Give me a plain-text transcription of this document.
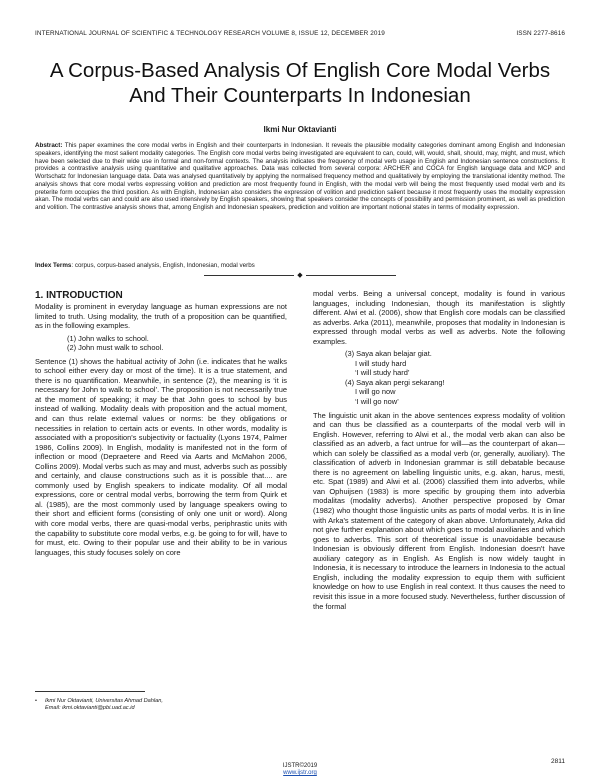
INTERNATIONAL JOURNAL OF SCIENTIFIC & TECHNOLOGY RESEARCH VOLUME 8, ISSUE 12, DECEMBER 2019	ISSN 2277-8616
A Corpus-Based Analysis Of English Core Modal Verbs And Their Counterparts In Indonesian
Ikmi Nur Oktavianti

Abstract: This paper examines the core modal verbs in English and their counterparts in Indonesian. It reveals the plausible modality categories dominant among English and Indonesian speakers, identifying the most salient modality categories. The English core modal verbs being investigated are equivalent to can, could, will, would, shall, should, may, might, and must, which have been selected due to their wide use in formal and non-formal contexts. The analysis indicates the frequency of modal verb usage in English and Indonesian sentence constructions. It provides a contrastive analysis using quantitative and qualitative approaches. Data was collected from several corpora: ARCHER and COCA for English language data and MCP and Wortschatz for Indonesian language data. Data was analysed quantitatively by applying the normalised frequency method and qualitatively by employing the translational identity method. The analysis shows that core modal verbs expressing volition and prediction are most frequently found in English, with the modal verb will being the most frequently used modal verb and its preterite form occupies the third position. As with English, Indonesian also considers the expression of volition and prediction salient because it most frequently uses the modality expression akan. The modal verbs can and could are also used intensively by English speakers, showing that speakers consider the concepts of possibility and permission prominent, as well as prediction and volition. The contrastive analysis shows that, among English and Indonesian speakers, prediction and volition are important notional states in terms of modality expression.

Index Terms: corpus, corpus-based analysis, English, Indonesian, modal verbs

◆
1. INTRODUCTION

Modality is prominent in everyday language as human expressions are not limited to truth. Using modality, the truth of a proposition can be quantified, as in the following examples.

(1) John walks to school.
(2) John must walk to school.

Sentence (1) shows the habitual activity of John (i.e. indicates that he walks to school either every day or most of the time). It is a true statement, and there is no quantification. Meanwhile, in sentence (2), the meaning is ‘it is necessary for John to walk to school’. The proposition is not necessarily true at the moment of speaking; it may be that John goes to school by bus instead of walking. Modality deals with proposition and the actual moment, and can thus relate external values or norms: be they obligations or necessities in relation to certain acts or events. In other words, modality is associated with a proposition's subjectivity or factuality (Lyons 1974, Palmer 1986, Collins 2009). In English, modality is manifested not in the form of inflection or mood (Depraetere and Reed via Aarts and McMahon 2006, Collins 2009). Modal verbs such as may and must, adverbs such as possibly and certainly, and clause constructions such as it is possible that.... are commonly used by English speakers to indicate modality. Of all modal expressions, core or central modal verbs, borrowing the term from Quirk et al. (1985), are the most commonly used by language speakers owing to their short and efficient forms (consisting of only one unit or word). Along with core modal verbs, there are quasi-modal verbs, periphrastic units with the capability to substitute core modal verbs, e.g. be going to for will, have to for must, etc. Owing to their popular use and their ability to be in various languages, this study focuses solely on core

modal verbs. Being a universal concept, modality is found in various languages, including Indonesian, though its manifestation is slightly different. Alwi et al. (2006), show that English core modals can be classified as adverbs. Arka (2011), meanwhile, proposes that modality in Indonesian is expressed through modal verbs as well as adverbs. Note the following examples.

(3) Saya akan belajar giat.
I will study hard
‘I will study hard’
(4) Saya akan pergi sekarang!
I will go now
‘I will go now’

The linguistic unit akan in the above sentences express modality of volition and can thus be classified as a counterparts of the modal verb will in English. However, referring to Alwi et al., the modal verb akan can also be classified as an adverb, a fact untrue for will—as the counterpart of akan—which can solely be classified as a modal verb (or, generally, auxiliary). The classification of adverb in Indonesian grammar is still debatable because there is no agreement on labelling linguistic units, e.g. akan, harus, mesti, etc. Spat (1989) and Alwi et al. (2006) classified them into adverbs, while van Ophuijsen (1983) is more specific by grouping them into adverbia modalitas (modality adverbs). Another perspective proposed by Omar (1982) who thought those linguistic units as parts of modal verbs. It is in line with Arka's statement of the category of akan above. Unfortunately, Arka did not give further explanation about which goes to modal auxiliaries and which goes to adverbs. This sort of theoretical issue is unavoidable because Indonesian is obviously different from English. Indonesian doesn't have auxiliary category as in English. As English is now widely taught in Indonesia, it is necessary to introduce the learners in Indonesia to the actual English, including the modality expression to equip them with sufficient knowledge on how to use English in real context. It thus causes the need to revisit this issue in a more focused study. Nevertheless, further discussion of the formal

• Ikmi Nur Oktavianti, Universitas Ahmad Dahlan,
Email: ikmi.oktavianti@pbi.uad.ac.id
2811
IJSTR©2019
www.ijstr.org
